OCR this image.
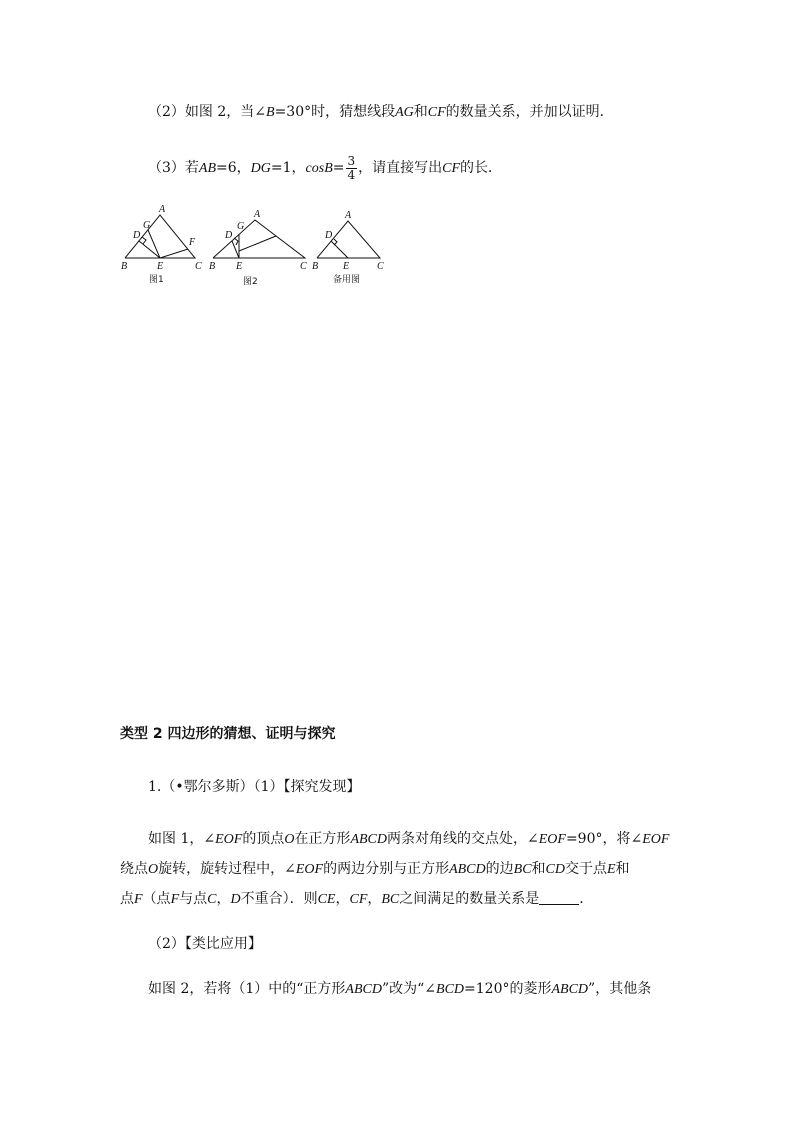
（2）如图 2，当∠B=30°时，猜想线段AG和CF的数量关系，并加以证明．
（3）若AB=6，DG=1，$\cos B= \frac{3}{4}$ ，请直接写出CF的长．
A
G
D
F
B	E	C
图1
A
G
D
B E	C
图2
A
D
B E	C
备用图
类型 2 四边形的猜想、证明与探究
1.（•鄂尔多斯）（1）【探究发现】
如图 1，∠EOF的顶点O在正方形ABCD两条对角线的交点处，∠EOF=90°，将∠EOF
绕点O旋转，旋转过程中，∠EOF的两边分别与正方形ABCD的边BC和CD交于点E和
点F（点F与点C，D不重合）．则CE，CF，BC之间满足的数量关系是	．
（2）【类比应用】
如图 2，若将（1）中的“正方形ABCD”改为“∠BCD=120°的菱形ABCD”，其他条
